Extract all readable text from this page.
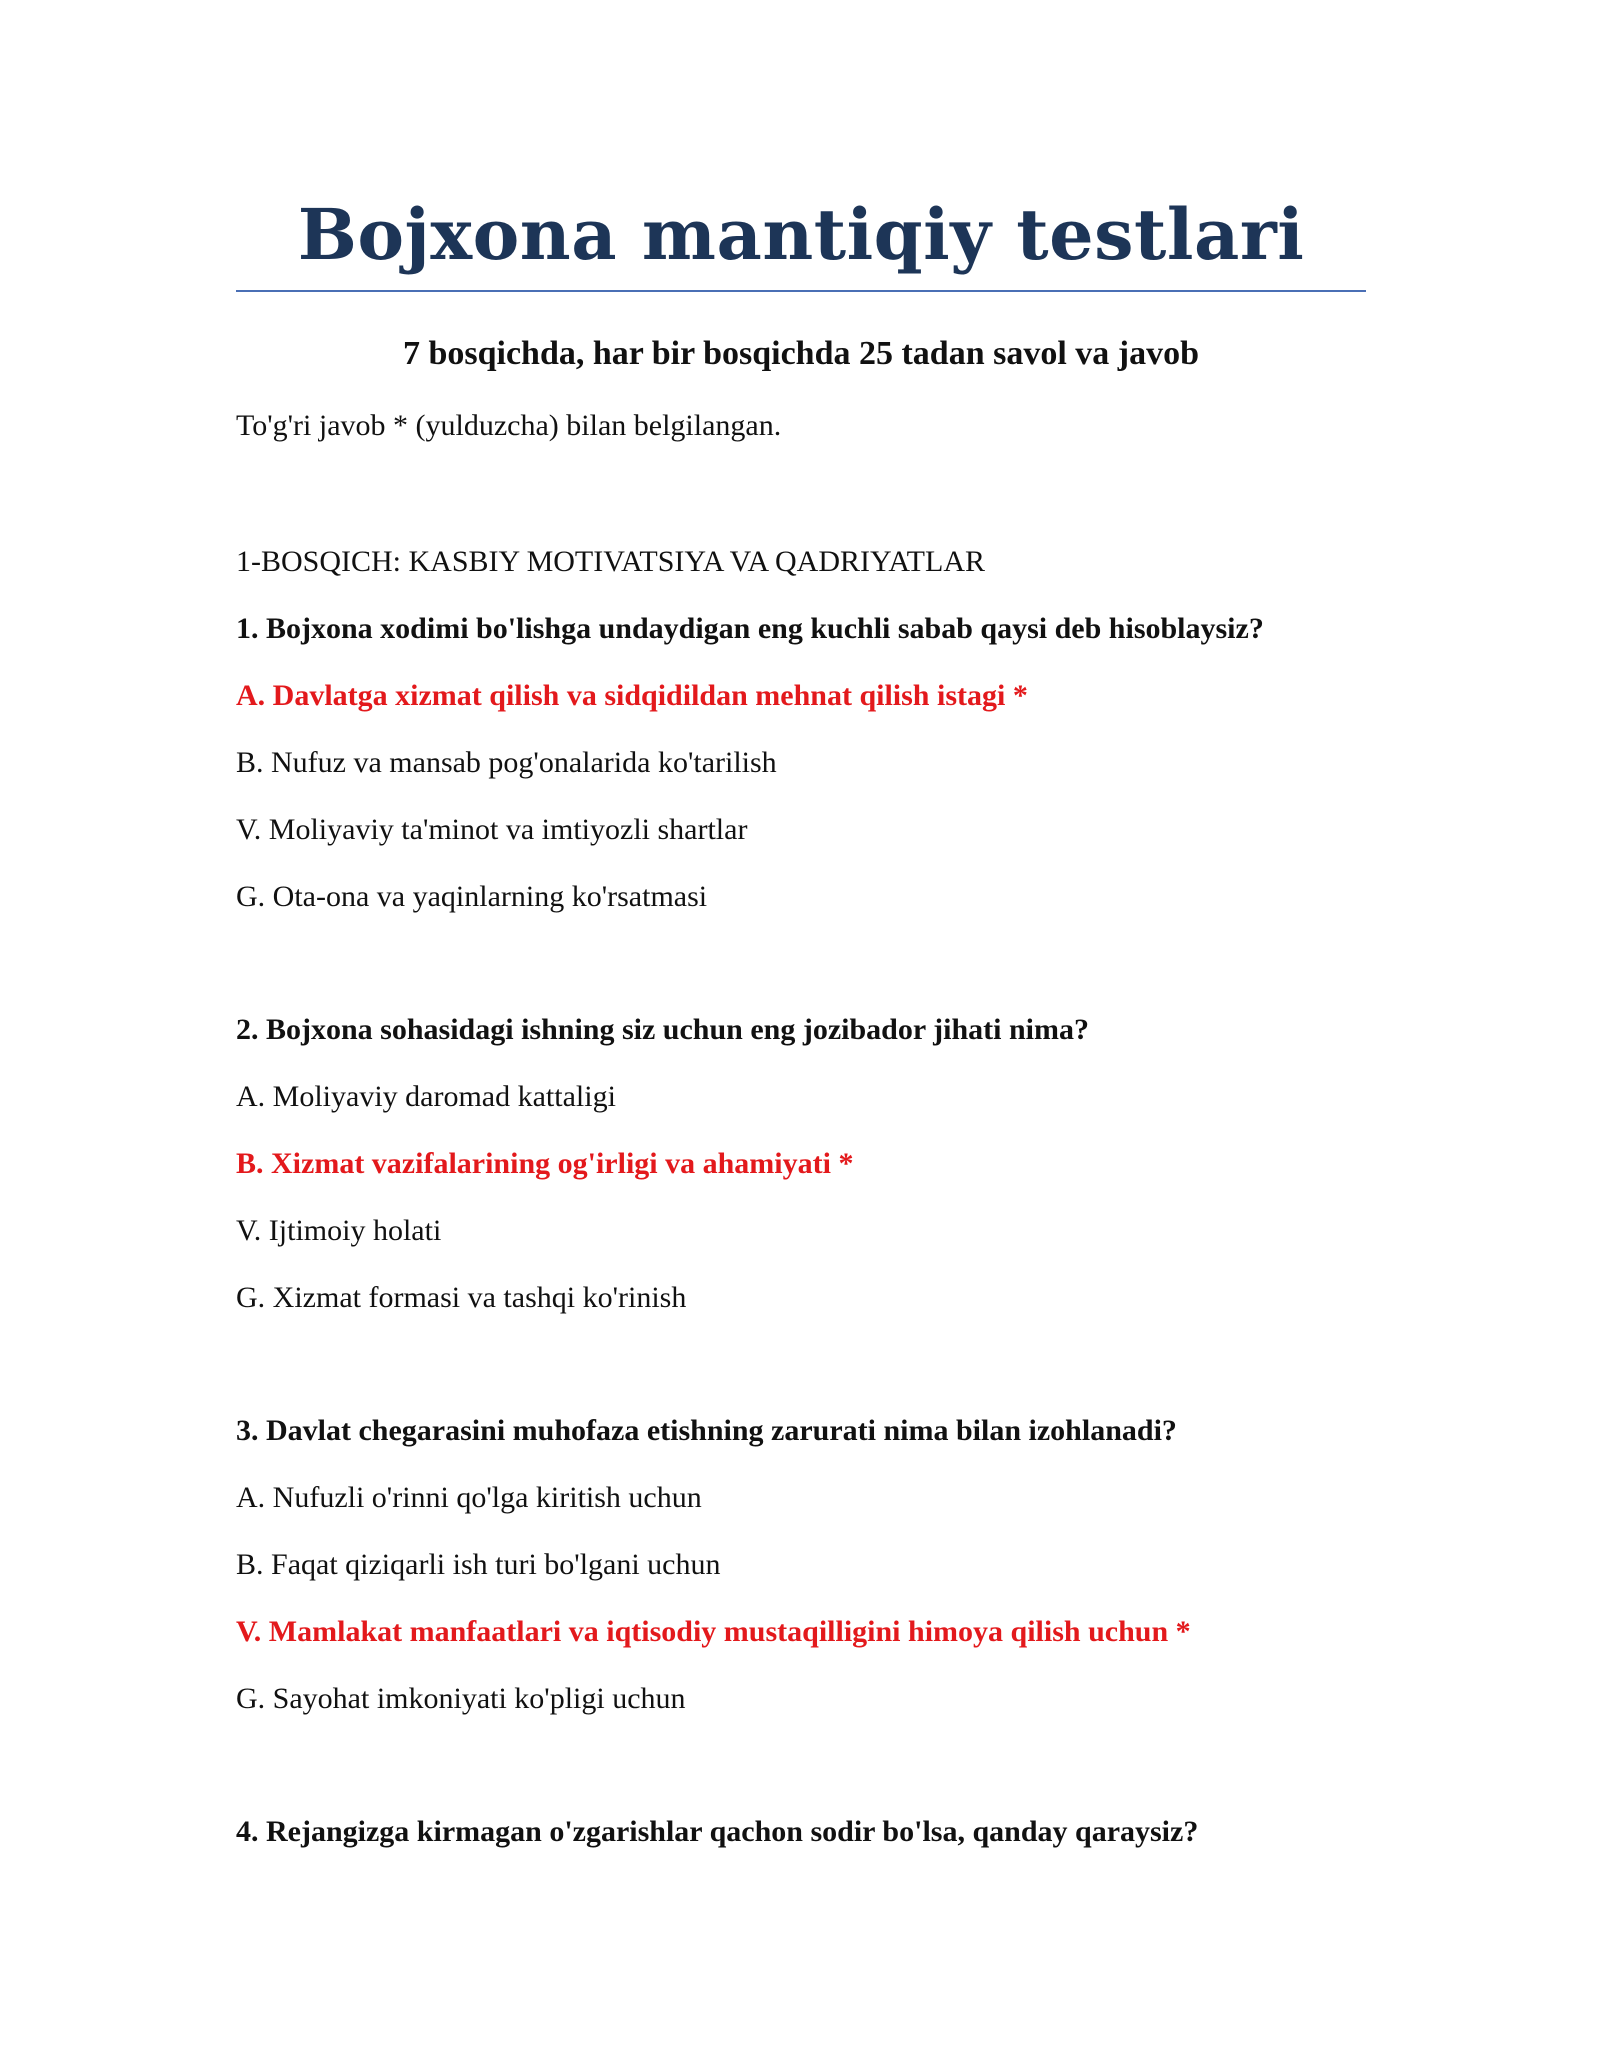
Bojxona mantiqiy testlari
7 bosqichda, har bir bosqichda 25 tadan savol va javob

To'g'ri javob * (yulduzcha) bilan belgilangan.

1-BOSQICH: KASBIY MOTIVATSIYA VA QADRIYATLAR

1. Bojxona xodimi bo'lishga undaydigan eng kuchli sabab qaysi deb hisoblaysiz?

A. Davlatga xizmat qilish va sidqidildan mehnat qilish istagi *

B. Nufuz va mansab pog'onalarida ko'tarilish

V. Moliyaviy ta'minot va imtiyozli shartlar

G. Ota-ona va yaqinlarning ko'rsatmasi

2. Bojxona sohasidagi ishning siz uchun eng jozibador jihati nima?

A. Moliyaviy daromad kattaligi

B. Xizmat vazifalarining og'irligi va ahamiyati *

V. Ijtimoiy holati

G. Xizmat formasi va tashqi ko'rinish

3. Davlat chegarasini muhofaza etishning zarurati nima bilan izohlanadi?

A. Nufuzli o'rinni qo'lga kiritish uchun

B. Faqat qiziqarli ish turi bo'lgani uchun

V. Mamlakat manfaatlari va iqtisodiy mustaqilligini himoya qilish uchun *

G. Sayohat imkoniyati ko'pligi uchun

4. Rejangizga kirmagan o'zgarishlar qachon sodir bo'lsa, qanday qaraysiz?
